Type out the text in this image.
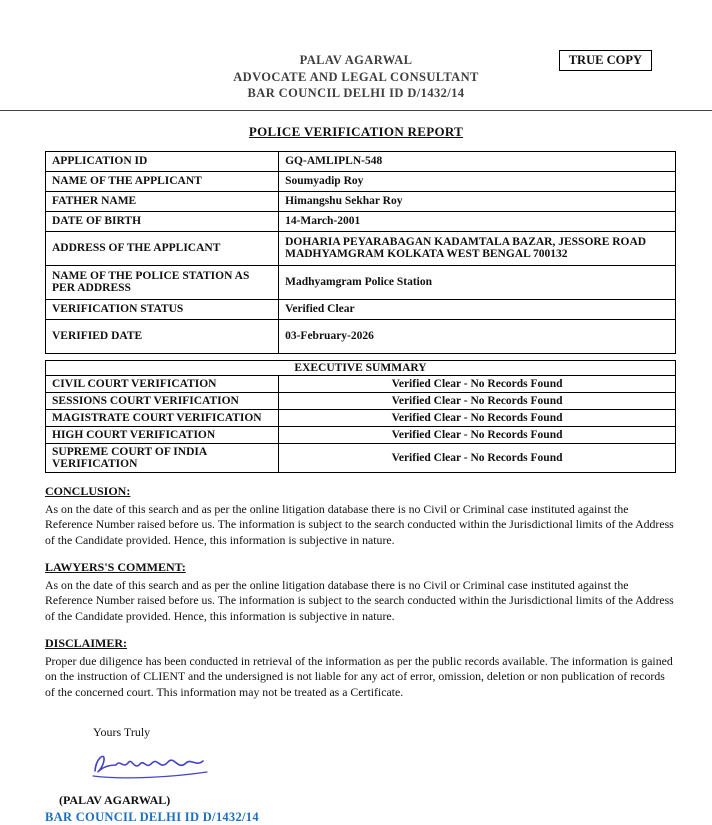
PALAV AGARWAL
ADVOCATE AND LEGAL CONSULTANT
BAR COUNCIL DELHI ID D/1432/14
TRUE COPY
POLICE VERIFICATION REPORT
APPLICATION ID	GQ-AMLIPLN-548
NAME OF THE APPLICANT	Soumyadip Roy
FATHER NAME	Himangshu Sekhar Roy
DATE OF BIRTH	14-March-2001
ADDRESS OF THE APPLICANT	DOHARIA PEYARABAGAN KADAMTALA BAZAR, JESSORE ROAD MADHYAMGRAM KOLKATA WEST BENGAL 700132
NAME OF THE POLICE STATION AS PER ADDRESS	Madhyamgram Police Station
VERIFICATION STATUS	Verified Clear
VERIFIED DATE	03-February-2026
EXECUTIVE SUMMARY	
CIVIL COURT VERIFICATION	Verified Clear - No Records Found
SESSIONS COURT VERIFICATION	Verified Clear - No Records Found
MAGISTRATE COURT VERIFICATION	Verified Clear - No Records Found
HIGH COURT VERIFICATION	Verified Clear - No Records Found
SUPREME COURT OF INDIA VERIFICATION	Verified Clear - No Records Found
CONCLUSION:
As on the date of this search and as per the online litigation database there is no Civil or Criminal case instituted against the Reference Number raised before us. The information is subject to the search conducted within the Jurisdictional limits of the Address of the Candidate provided. Hence, this information is subjective in nature.
LAWYERS'S COMMENT:
As on the date of this search and as per the online litigation database there is no Civil or Criminal case instituted against the Reference Number raised before us. The information is subject to the search conducted within the Jurisdictional limits of the Address of the Candidate provided. Hence, this information is subjective in nature.
DISCLAIMER:
Proper due diligence has been conducted in retrieval of the information as per the public records available. The information is gained on the instruction of CLIENT and the undersigned is not liable for any act of error, omission, deletion or non publication of records of the concerned court. This information may not be treated as a Certificate.
Yours Truly
(PALAV AGARWAL)
BAR COUNCIL DELHI ID D/1432/14
